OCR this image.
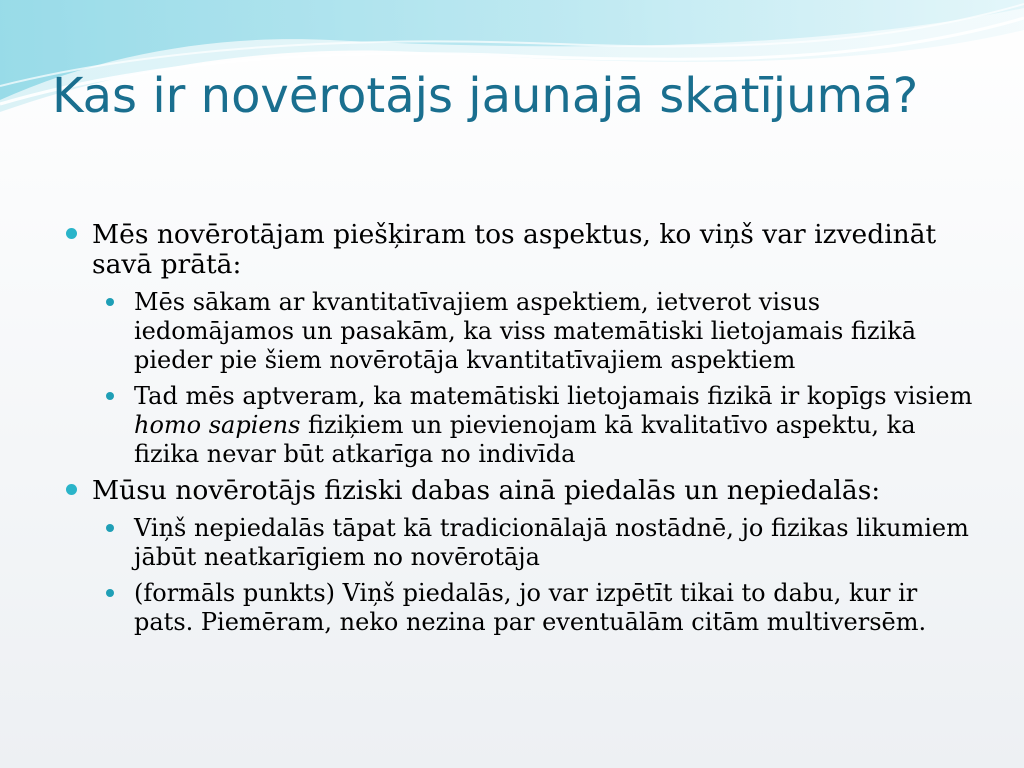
Kas ir novērotājs jaunajā skatījumā?
Mēs novērotājam piešķiram tos aspektus, ko viņš var izvedināt savā prātā:
Mēs sākam ar kvantitatīvajiem aspektiem, ietverot visus iedomājamos un pasakām, ka viss matemātiski lietojamais fizikā pieder pie šiem novērotāja kvantitatīvajiem aspektiem
Tad mēs aptveram, ka matemātiski lietojamais fizikā ir kopīgs visiem homo sapiens fiziķiem un pievienojam kā kvalitatīvo aspektu, ka fizika nevar būt atkarīga no indivīda
Mūsu novērotājs fiziski dabas ainā piedalās un nepiedalās:
Viņš nepiedalās tāpat kā tradicionālajā nostādnē, jo fizikas likumiem jābūt neatkarīgiem no novērotāja
(formāls punkts) Viņš piedalās, jo var izpētīt tikai to dabu, kur ir pats. Piemēram, neko nezina par eventuālām citām multiversēm.
